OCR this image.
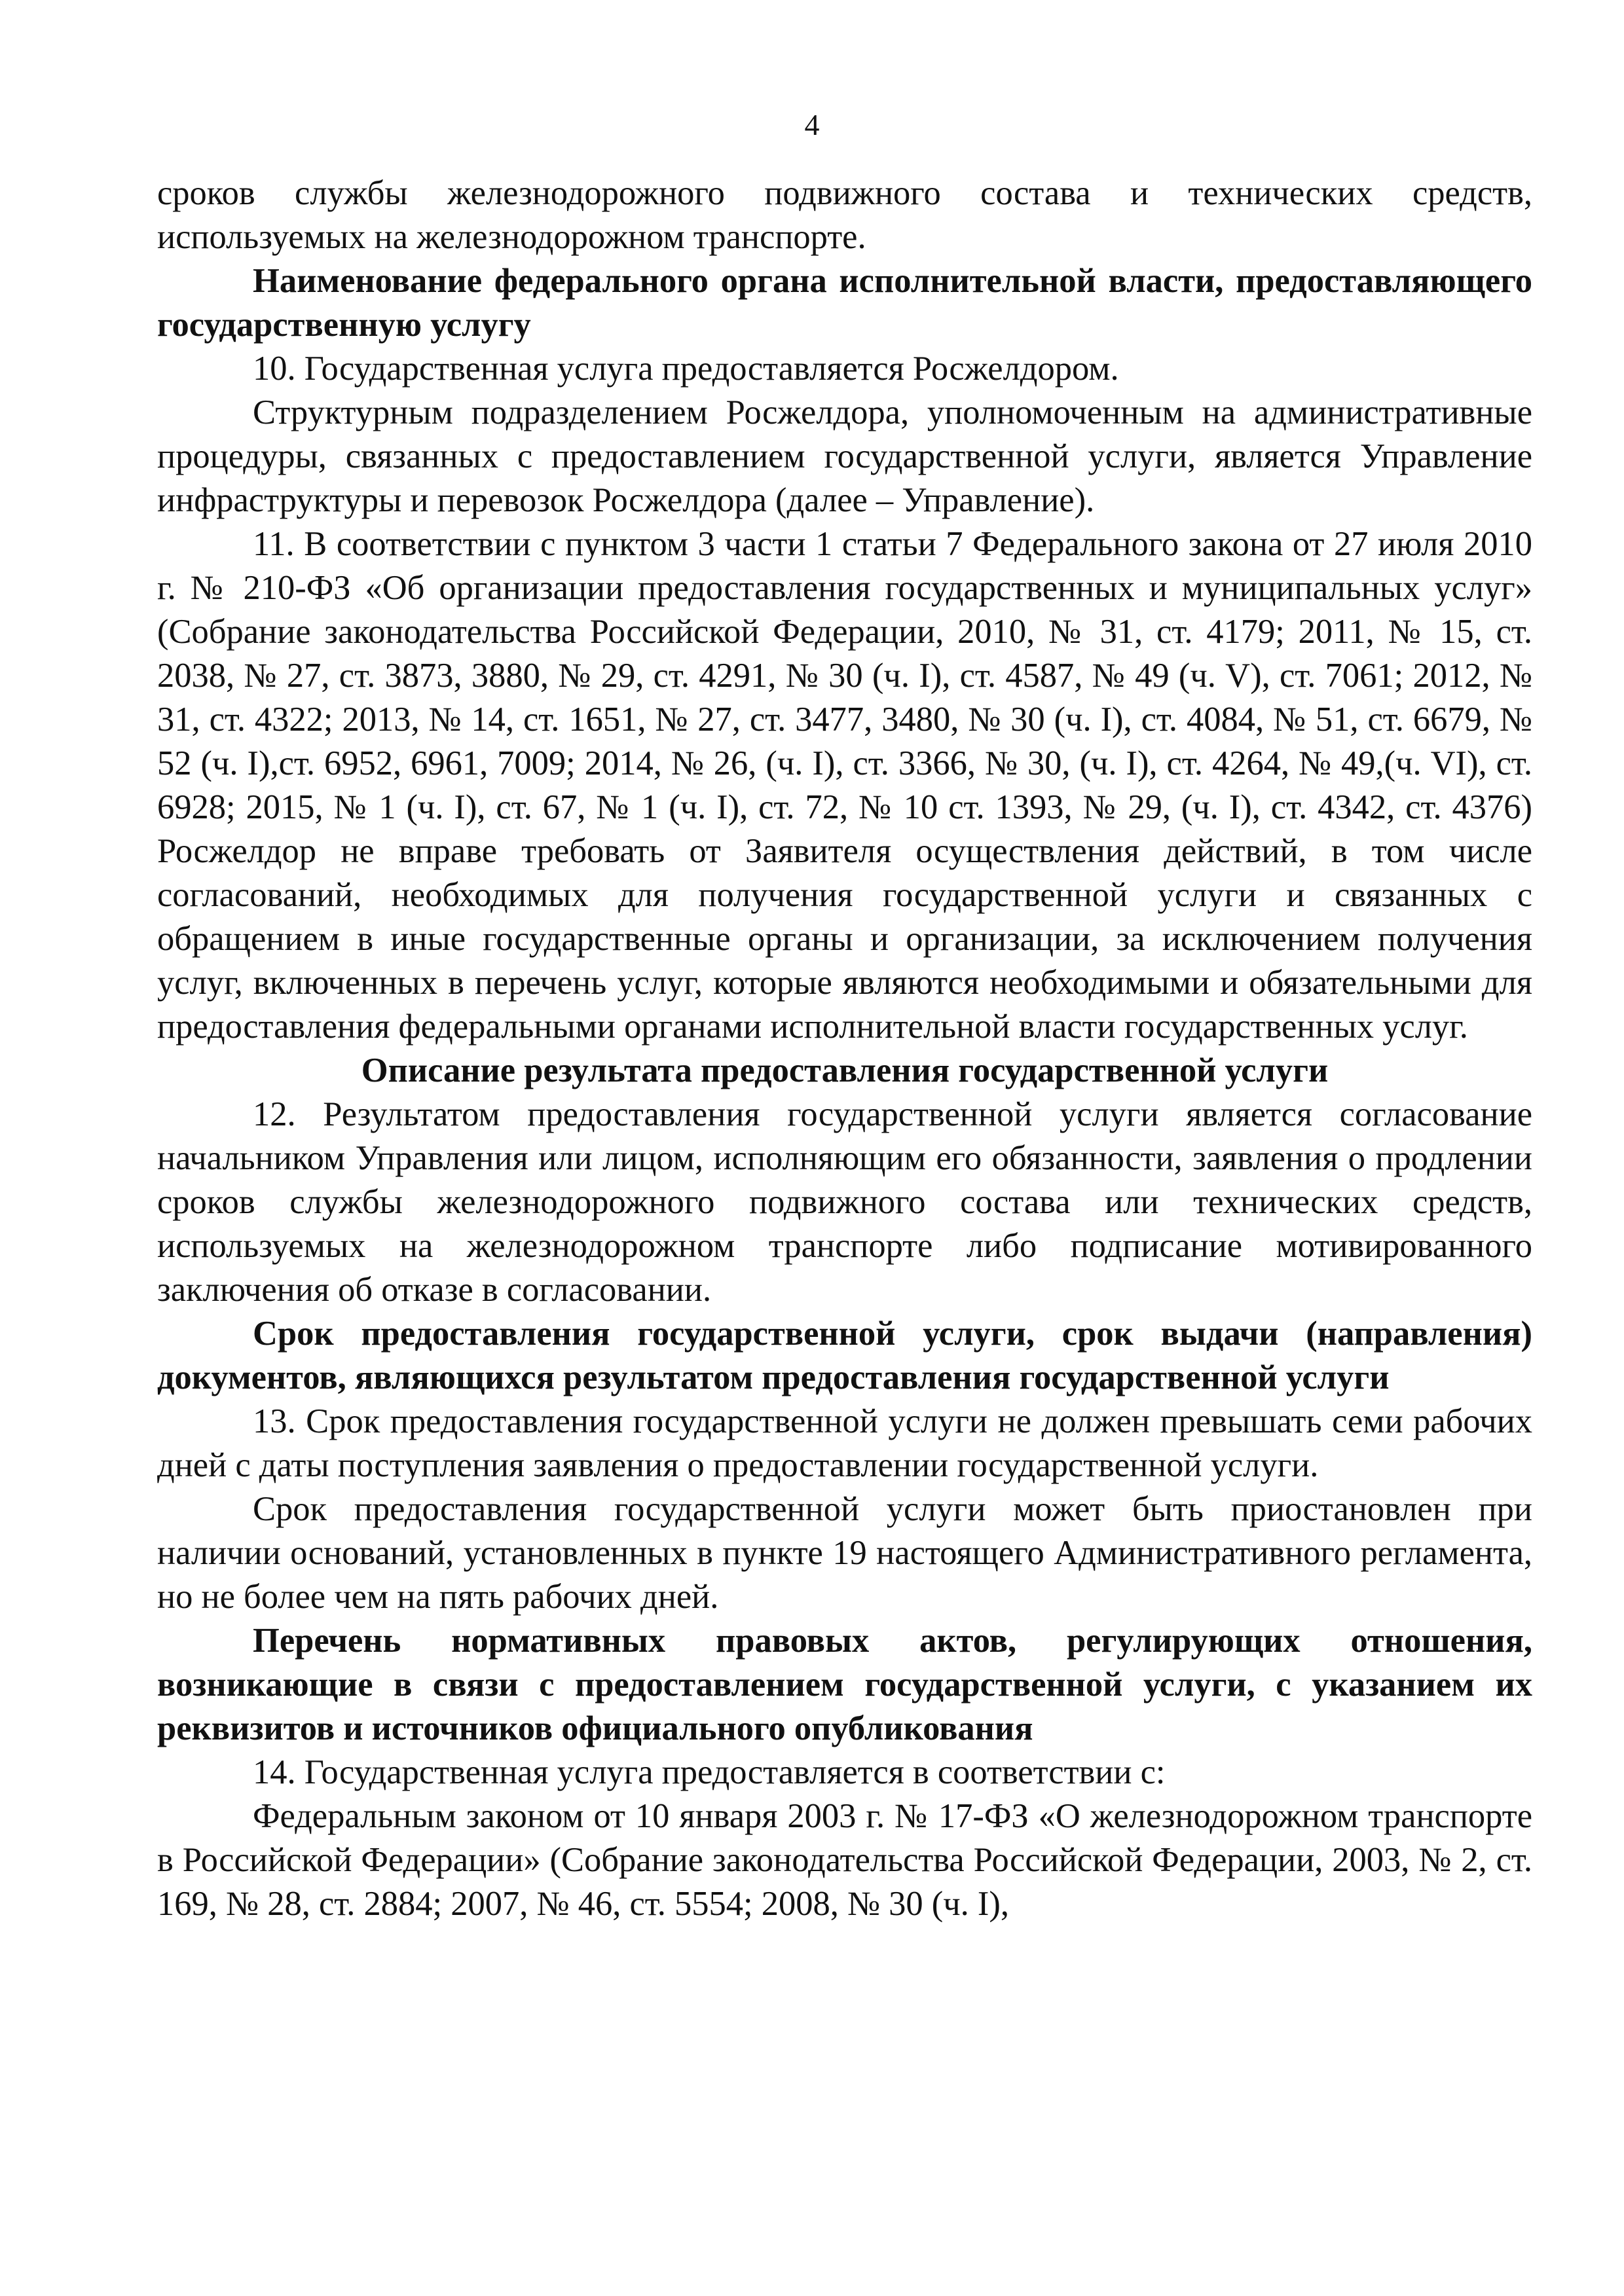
4

сроков службы железнодорожного подвижного состава и технических средств, используемых на железнодорожном транспорте.

Наименование федерального органа исполнительной власти, предоставляющего государственную услугу

10. Государственная услуга предоставляется Росжелдором.

Структурным подразделением Росжелдора, уполномоченным на административные процедуры, связанных с предоставлением государственной услуги, является Управление инфраструктуры и перевозок Росжелдора (далее – Управление).

11. В соответствии с пунктом 3 части 1 статьи 7 Федерального закона от 27 июля 2010 г. № 210-ФЗ «Об организации предоставления государственных и муниципальных услуг» (Собрание законодательства Российской Федерации, 2010, № 31, ст. 4179; 2011, № 15, ст. 2038, № 27, ст. 3873, 3880, № 29, ст. 4291, № 30 (ч. I), ст. 4587, № 49 (ч. V), ст. 7061; 2012, № 31, ст. 4322; 2013, № 14, ст. 1651, № 27, ст. 3477, 3480, № 30 (ч. I), ст. 4084, № 51, ст. 6679, № 52 (ч. I),ст. 6952, 6961, 7009; 2014, № 26, (ч. I), ст. 3366, № 30, (ч. I), ст. 4264, № 49,(ч. VI), ст. 6928; 2015, № 1 (ч. I), ст. 67, № 1 (ч. I), ст. 72, № 10 ст. 1393, № 29, (ч. I), ст. 4342, ст. 4376) Росжелдор не вправе требовать от Заявителя осуществления действий, в том числе согласований, необходимых для получения государственной услуги и связанных с обращением в иные государственные органы и организации, за исключением получения услуг, включенных в перечень услуг, которые являются необходимыми и обязательными для предоставления федеральными органами исполнительной власти государственных услуг.

Описание результата предоставления государственной услуги

12. Результатом предоставления государственной услуги является согласование начальником Управления или лицом, исполняющим его обязанности, заявления о продлении сроков службы железнодорожного подвижного состава или технических средств, используемых на железнодорожном транспорте либо подписание мотивированного заключения об отказе в согласовании.

Срок предоставления государственной услуги, срок выдачи (направления) документов, являющихся результатом предоставления государственной услуги

13. Срок предоставления государственной услуги не должен превышать семи рабочих дней с даты поступления заявления о предоставлении государственной услуги.

Срок предоставления государственной услуги может быть приостановлен при наличии оснований, установленных в пункте 19 настоящего Административного регламента, но не более чем на пять рабочих дней.

Перечень нормативных правовых актов, регулирующих отношения, возникающие в связи с предоставлением государственной услуги, с указанием их реквизитов и источников официального опубликования

14. Государственная услуга предоставляется в соответствии с:

Федеральным законом от 10 января 2003 г. № 17-ФЗ «О железнодорожном транспорте в Российской Федерации» (Собрание законодательства Российской Федерации, 2003, № 2, ст. 169, № 28, ст. 2884; 2007, № 46, ст. 5554; 2008, № 30 (ч. I),
